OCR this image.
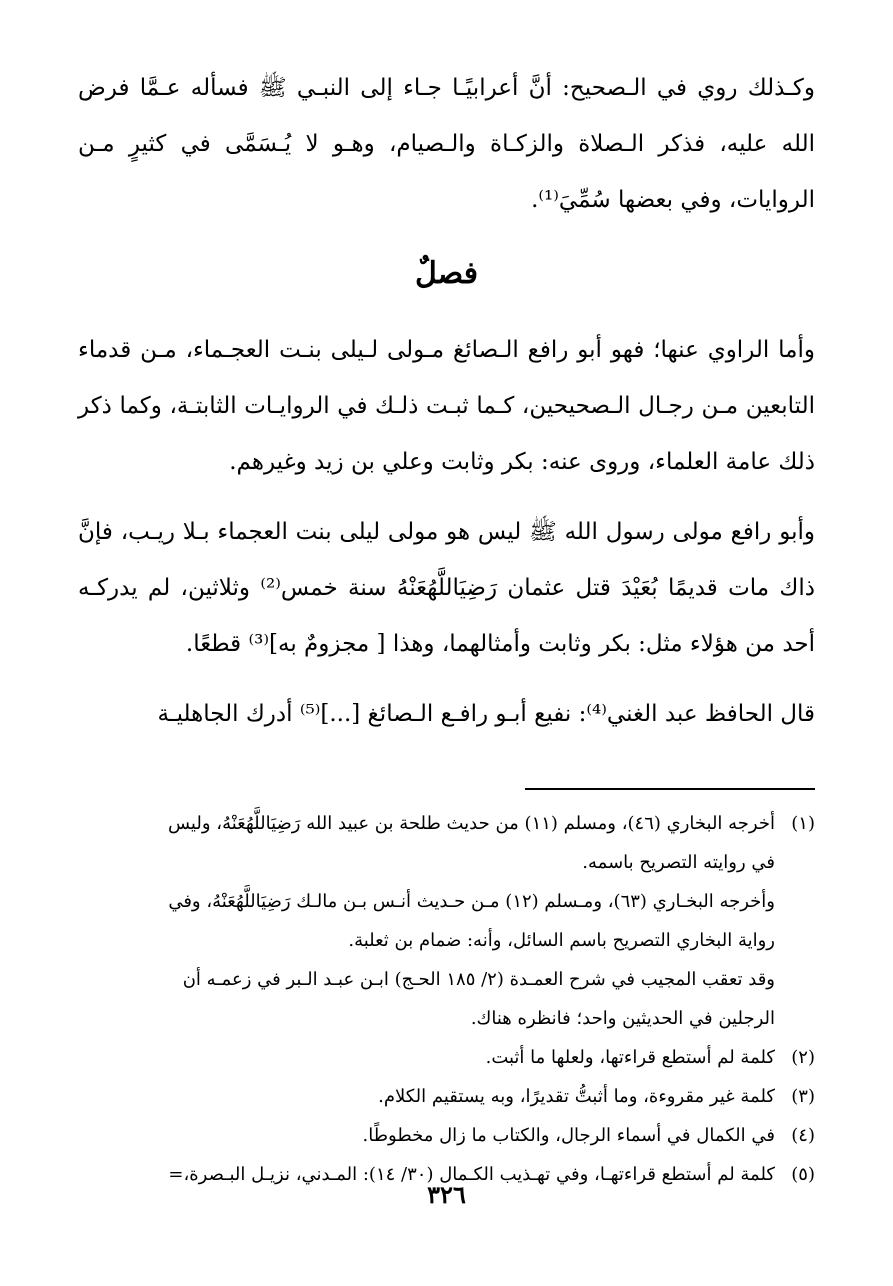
وكـذلك روي في الـصحيح: أنَّ أعرابيًـا جـاء إلى النبـي ﷺ فسأله عـمَّا فرض الله عليه، فذكر الـصلاة والزكـاة والـصيام، وهـو لا يُـسَمَّى في كثيرٍ مـن الروايات، وفي بعضها سُمِّيَ⁽¹⁾.

فصلٌ

وأما الراوي عنها؛ فهو أبو رافع الـصائغ مـولى لـيلى بنـت العجـماء، مـن قدماء التابعين مـن رجـال الـصحيحين، كـما ثبـت ذلـك في الروايـات الثابتـة، وكما ذكر ذلك عامة العلماء، وروى عنه: بكر وثابت وعلي بن زيد وغيرهم.

وأبو رافع مولى رسول الله ﷺ ليس هو مولى ليلى بنت العجماء بـلا ريـب، فإنَّ ذاك مات قديمًا بُعَيْدَ قتل عثمان رَضِيَاللَّهُعَنْهُ سنة خمس⁽²⁾ وثلاثين، لم يدركـه أحد من هؤلاء مثل: بكر وثابت وأمثالهما، وهذا [ مجزومٌ به]⁽³⁾ قطعًا.

قال الحافظ عبد الغني⁽⁴⁾: نفيع أبـو رافـع الـصائغ [...]⁽⁵⁾ أدرك الجاهليـة

(١)
أخرجه البخاري (٤٦)، ومسلم (١١) من حديث طلحة بن عبيد الله رَضِيَاللَّهُعَنْهُ، وليس
في روايته التصريح باسمه.
وأخرجه البخـاري (٦٣)، ومـسلم (١٢) مـن حـديث أنـس بـن مالـك رَضِيَاللَّهُعَنْهُ، وفي
رواية البخاري التصريح باسم السائل، وأنه: ضمام بن ثعلبة.
وقد تعقب المجيب في شرح العمـدة (٢/ ١٨٥ الحـج) ابـن عبـد الـبر في زعمـه أن
الرجلين في الحديثين واحد؛ فانظره هناك.
(٢)
كلمة لم أستطع قراءتها، ولعلها ما أثبت.
(٣)
كلمة غير مقروءة، وما أثبتُّ تقديرًا، وبه يستقيم الكلام.
(٤)
في الكمال في أسماء الرجال، والكتاب ما زال مخطوطًا.
(٥)
كلمة لم أستطع قراءتهـا، وفي تهـذيب الكـمال (٣٠/ ١٤): المـدني، نزيـل البـصرة،=
٣٢٦
